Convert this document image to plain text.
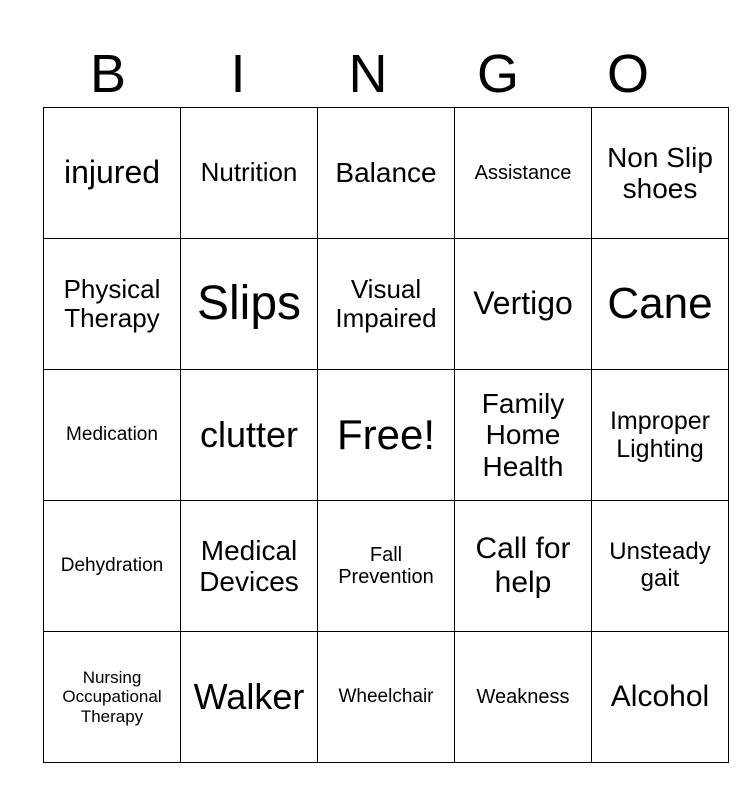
B	I	N	G	O
injured	Nutrition	Balance	Assistance	Non Slip shoes
Physical Therapy	Slips	Visual Impaired	Vertigo	Cane
Medication	clutter	Free!	Family Home Health	Improper Lighting
Dehydration	Medical Devices	Fall Prevention	Call for help	Unsteady gait
Nursing Occupational Therapy	Walker	Wheelchair	Weakness	Alcohol
